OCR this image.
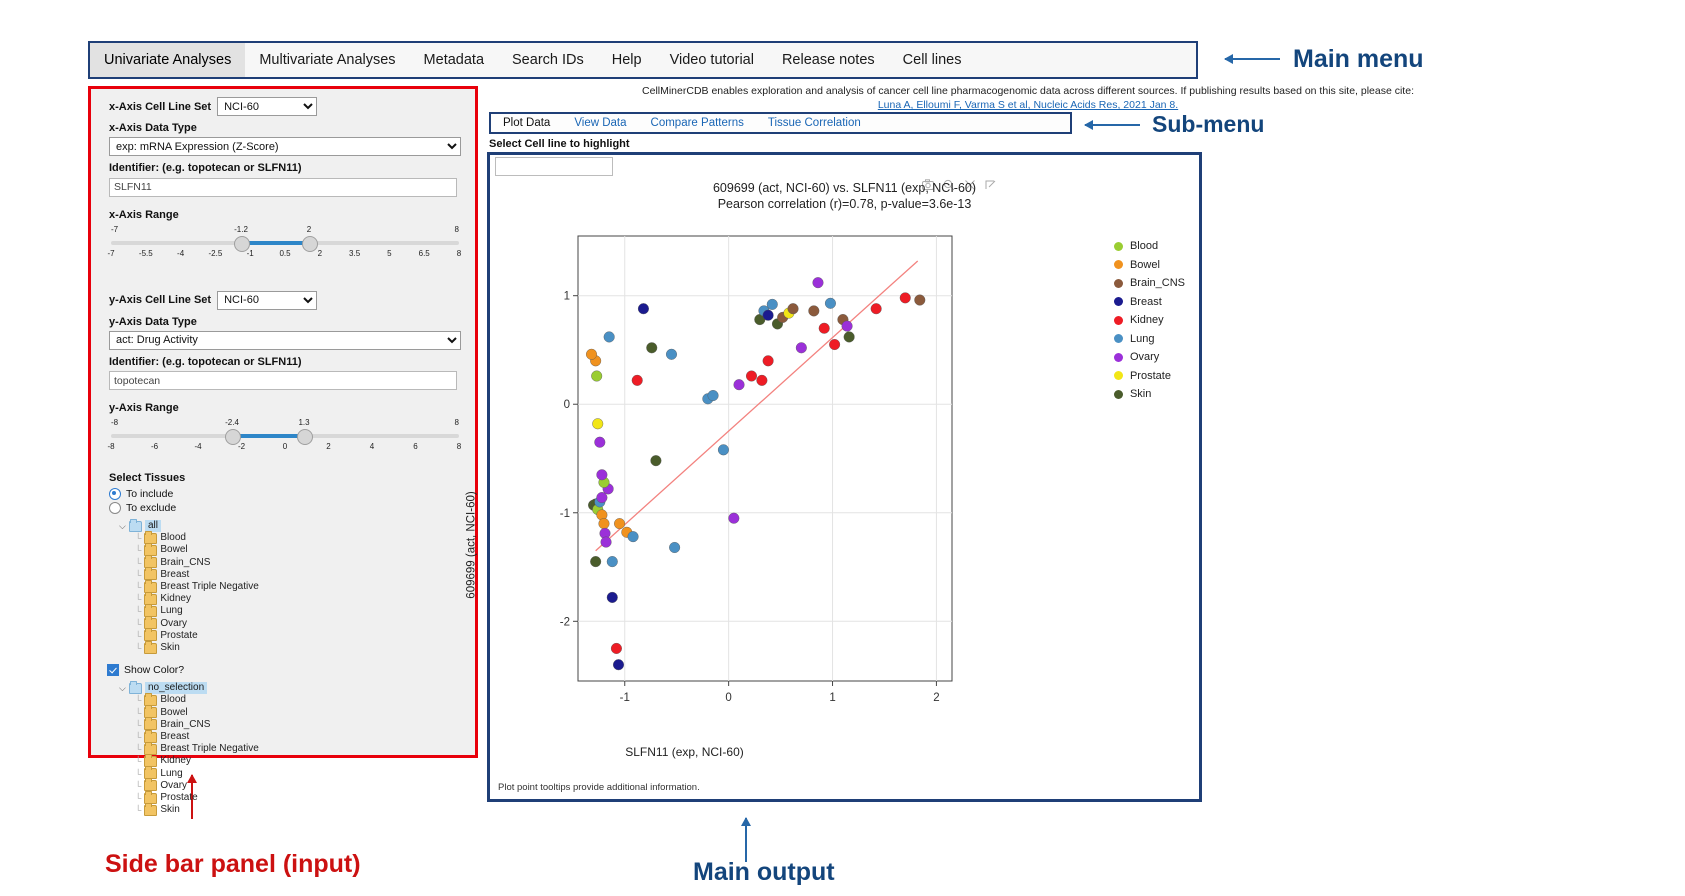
Univariate Analyses	Multivariate Analyses	Metadata	Search IDs	Help	Video tutorial	Release notes	Cell lines
CellMinerCDB enables exploration and analysis of cancer cell line pharmacogenomic data across different sources. If publishing results based on this site, please cite:
Luna A, Elloumi F, Varma S et al, Nucleic Acids Res, 2021 Jan 8.
Plot Data	View Data	Compare Patterns	Tissue Correlation
Main menu
Sub-menu
Side bar panel (input)	Main output
x-Axis Cell Line Set
NCI-60
x-Axis Data Type
exp: mRNA Expression (Z-Score)
Identifier: (e.g. topotecan or SLFN11)
SLFN11
x-Axis Range
-7	8
-1.2	2
-7	-5.5	-4	-2.5	-1	0.5	2	3.5	5	6.5	8
y-Axis Cell Line Set
NCI-60
y-Axis Data Type
act: Drug Activity
Identifier: (e.g. topotecan or SLFN11)
topotecan
y-Axis Range
-8	8
-2.4	1.3
-8	-6	-4	-2	0	2	4	6	8
Select Tissues
To include
To exclude
⌵	all
└ Blood
└ Bowel
└ Brain_CNS
└ Breast
└ Breast Triple Negative
└ Kidney
└ Lung
└ Ovary
└ Prostate
└ Skin
Show Color?
⌵	no_selection
└ Blood
└ Bowel
└ Brain_CNS
└ Breast
└ Breast Triple Negative
└ Kidney
└ Lung
└ Ovary
└ Prostate
└ Skin
Select Cell line to highlight
609699 (act, NCI-60) vs. SLFN11 (exp, NCI-60)
Pearson correlation (r)=0.78, p-value=3.6e-13
-2
-1
0
1
-1	0	1	2
609699 (act, NCI-60)
SLFN11 (exp, NCI-60)
Blood
Bowel
Brain_CNS
Breast
Kidney
Lung
Ovary
Prostate
Skin
Plot point tooltips provide additional information.
